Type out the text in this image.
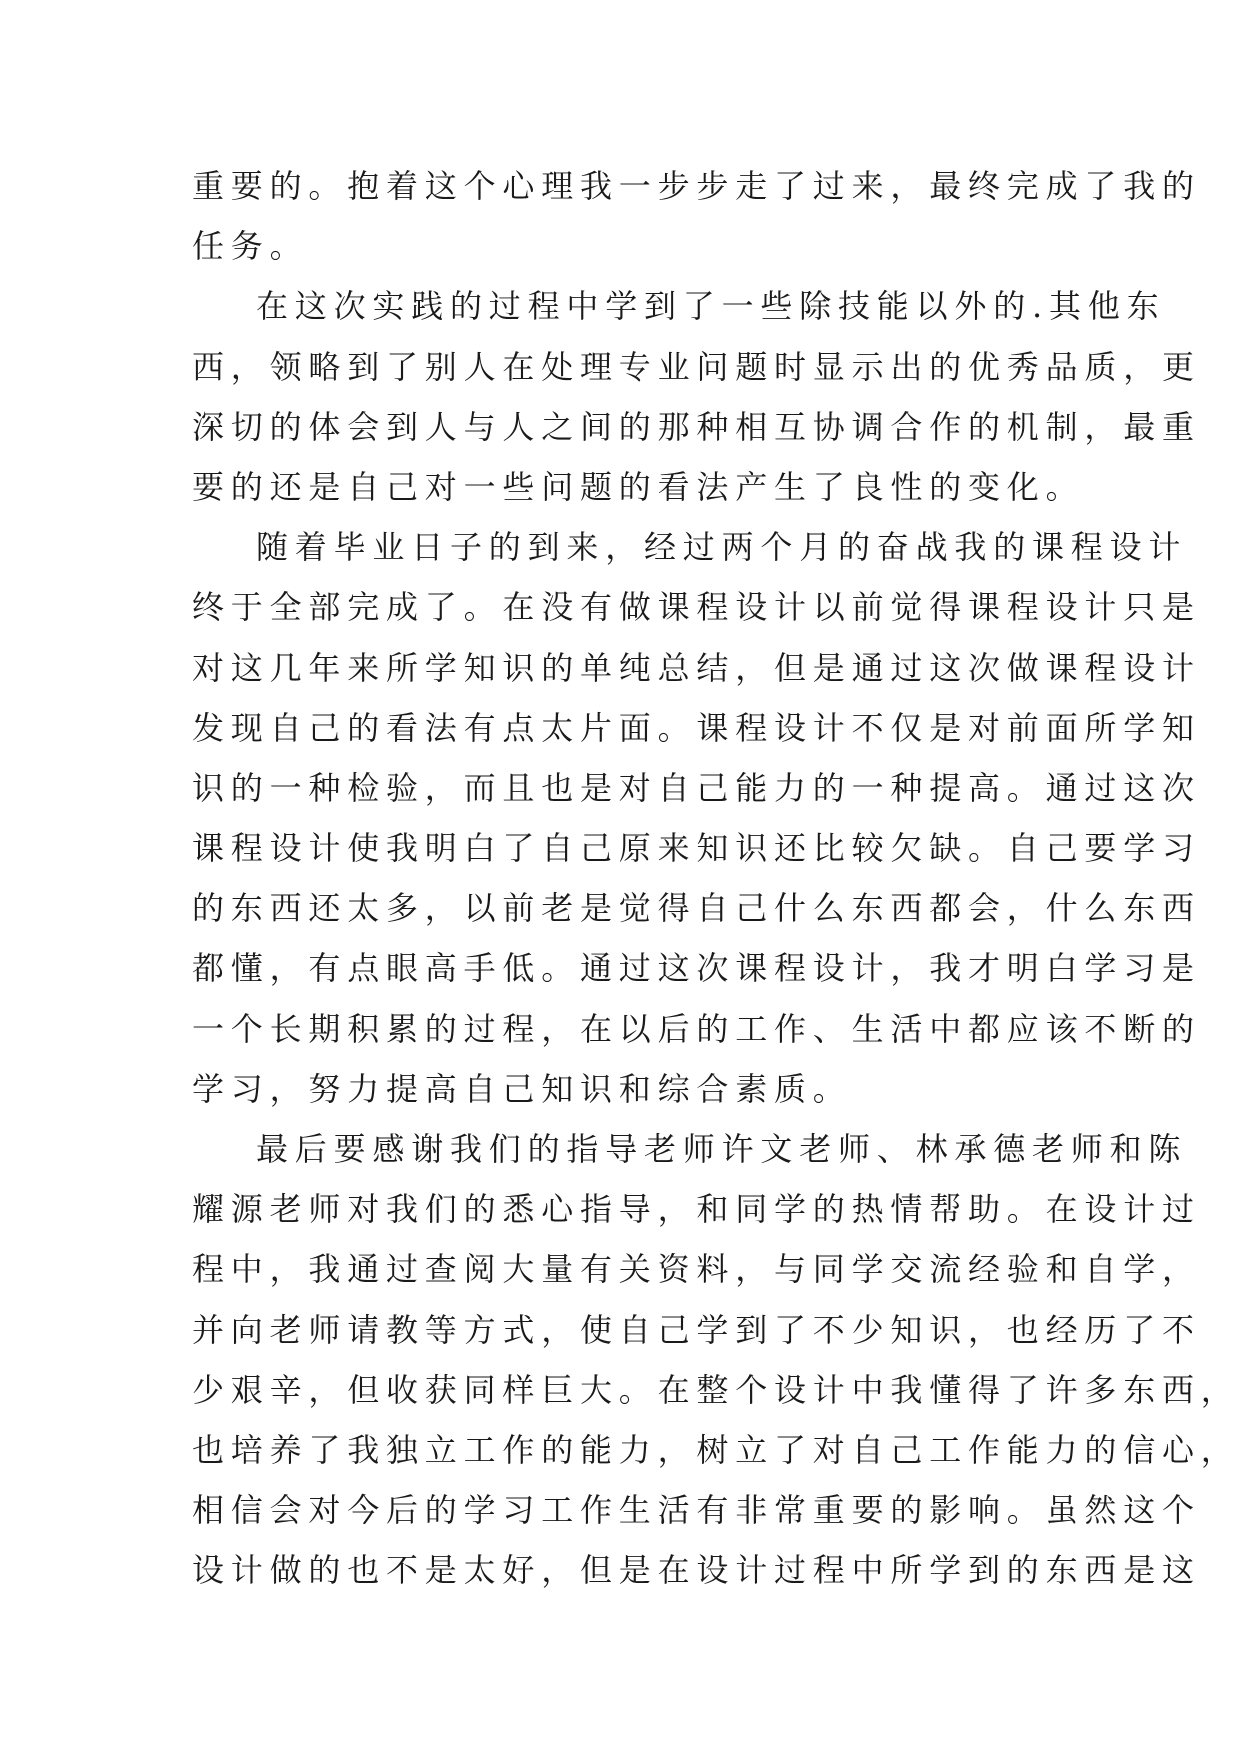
重要的。抱着这个心理我一步步走了过来，最终完成了我的
任务。
在这次实践的过程中学到了一些除技能以外的.其他东
西，领略到了别人在处理专业问题时显示出的优秀品质，更
深切的体会到人与人之间的那种相互协调合作的机制，最重
要的还是自己对一些问题的看法产生了良性的变化。
随着毕业日子的到来，经过两个月的奋战我的课程设计
终于全部完成了。在没有做课程设计以前觉得课程设计只是
对这几年来所学知识的单纯总结，但是通过这次做课程设计
发现自己的看法有点太片面。课程设计不仅是对前面所学知
识的一种检验，而且也是对自己能力的一种提高。通过这次
课程设计使我明白了自己原来知识还比较欠缺。自己要学习
的东西还太多，以前老是觉得自己什么东西都会，什么东西
都懂，有点眼高手低。通过这次课程设计，我才明白学习是
一个长期积累的过程，在以后的工作、生活中都应该不断的
学习，努力提高自己知识和综合素质。
最后要感谢我们的指导老师许文老师、林承德老师和陈
耀源老师对我们的悉心指导，和同学的热情帮助。在设计过
程中，我通过查阅大量有关资料，与同学交流经验和自学，
并向老师请教等方式，使自己学到了不少知识，也经历了不
少艰辛，但收获同样巨大。在整个设计中我懂得了许多东西，
也培养了我独立工作的能力，树立了对自己工作能力的信心，
相信会对今后的学习工作生活有非常重要的影响。虽然这个
设计做的也不是太好，但是在设计过程中所学到的东西是这
